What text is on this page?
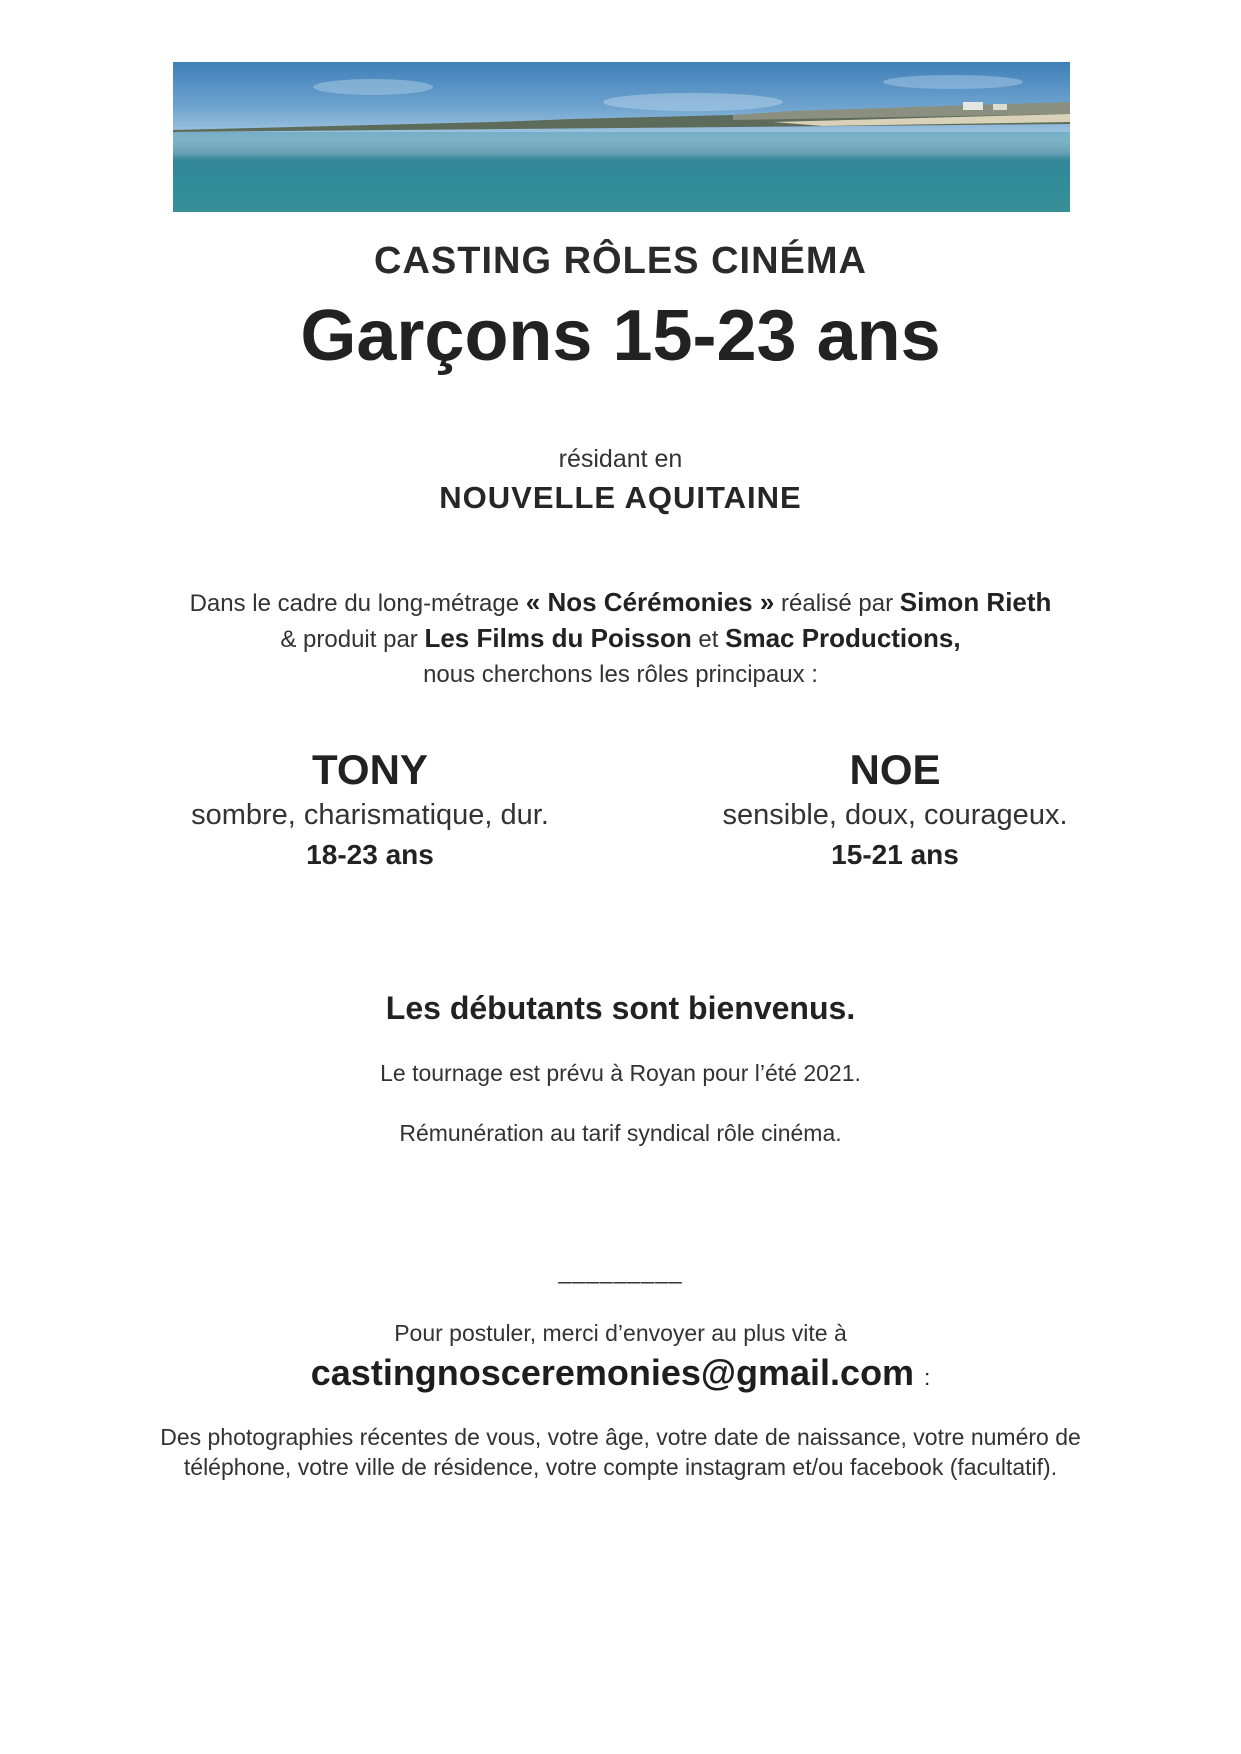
CASTING RÔLES CINÉMA
Garçons 15-23 ans
résidant en
NOUVELLE AQUITAINE
Dans le cadre du long-métrage « Nos Cérémonies » réalisé par Simon Rieth
& produit par Les Films du Poisson et Smac Productions,
nous cherchons les rôles principaux :
TONY
sombre, charismatique, dur.
18-23 ans
NOE
sensible, doux, courageux.
15-21 ans
Les débutants sont bienvenus.
Le tournage est prévu à Royan pour l’été 2021.
Rémunération au tarif syndical rôle cinéma.
_________
Pour postuler, merci d’envoyer au plus vite à
castingnosceremonies@gmail.com :
Des photographies récentes de vous, votre âge, votre date de naissance, votre numéro de téléphone, votre ville de résidence, votre compte instagram et/ou facebook (facultatif).
